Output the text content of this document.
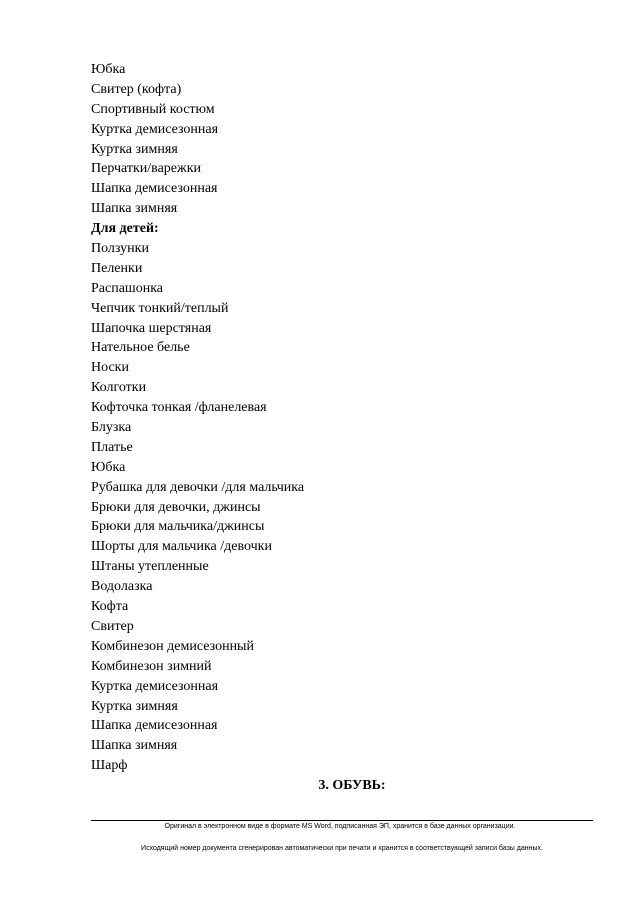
Юбка
Свитер (кофта)
Спортивный костюм
Куртка демисезонная
Куртка зимняя
Перчатки/варежки
Шапка демисезонная
Шапка зимняя
Для детей:
Ползунки
Пеленки
Распашонка
Чепчик тонкий/теплый
Шапочка шерстяная
Нательное белье
Носки
Колготки
Кофточка тонкая /фланелевая
Блузка
Платье
Юбка
Рубашка для девочки /для мальчика
Брюки для девочки, джинсы
Брюки для мальчика/джинсы
Шорты для мальчика /девочки
Штаны утепленные
Водолазка
Кофта
Свитер
Комбинезон демисезонный
Комбинезон зимний
Куртка демисезонная
Куртка зимняя
Шапка демисезонная
Шапка зимняя
Шарф
3. ОБУВЬ:
Оригинал в электронном виде в формате MS Word, подписанная ЭП, хранится в базе данных организации.
Исходящий номер документа сгенерирован автоматически при печати и хранится в соответствующей записи базы данных.
